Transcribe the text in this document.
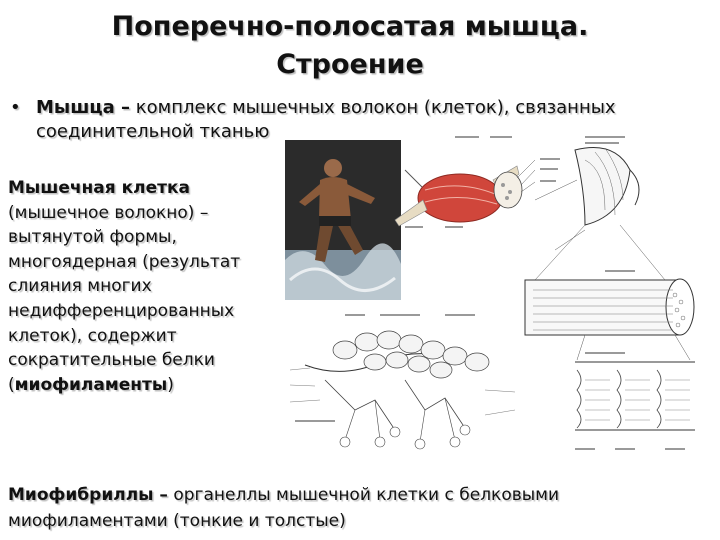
Поперечно-полосатая мышца.
Строение
• Мышца – комплекс мышечных волокон (клеток), связанных соединительной тканью
Мышечная клетка
(мышечное волокно) –
вытянутой формы,
многоядерная (результат
слияния многих
недифференцированных
клеток), содержит
сократительные белки
(миофиламенты)
Миофибриллы – органеллы мышечной клетки с белковыми миофиламентами (тонкие и толстые)
